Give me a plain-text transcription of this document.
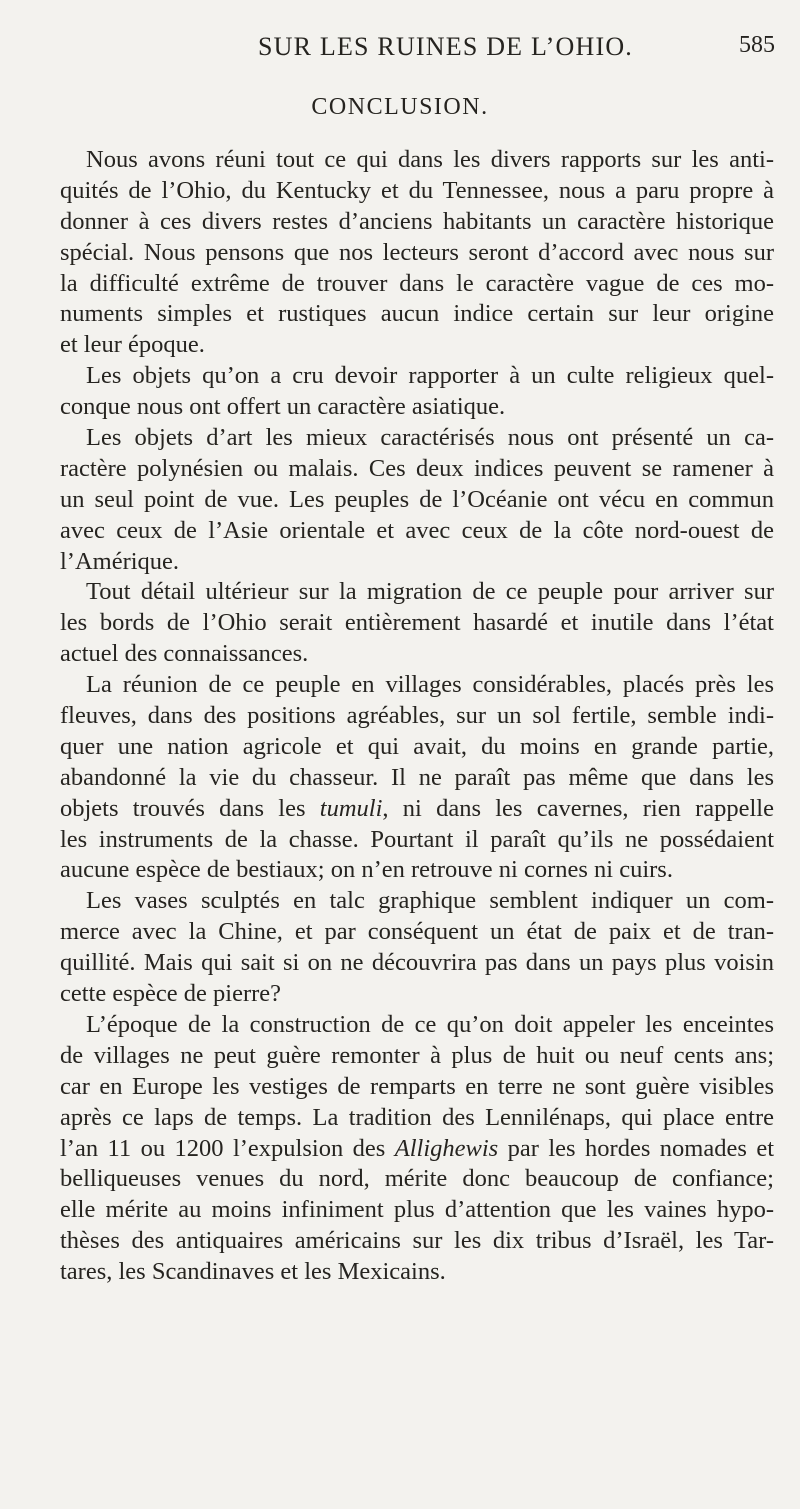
SUR LES RUINES DE L’OHIO.	585
CONCLUSION.
Nous avons réuni tout ce qui dans les divers rapports sur les anti-
quités de l’Ohio, du Kentucky et du Tennessee, nous a paru propre à
donner à ces divers restes d’anciens habitants un caractère historique
spécial. Nous pensons que nos lecteurs seront d’accord avec nous sur
la difficulté extrême de trouver dans le caractère vague de ces mo-
numents simples et rustiques aucun indice certain sur leur origine
et leur époque.
Les objets qu’on a cru devoir rapporter à un culte religieux quel-
conque nous ont offert un caractère asiatique.
Les objets d’art les mieux caractérisés nous ont présenté un ca-
ractère polynésien ou malais. Ces deux indices peuvent se ramener à
un seul point de vue. Les peuples de l’Océanie ont vécu en commun
avec ceux de l’Asie orientale et avec ceux de la côte nord-ouest de
l’Amérique.
Tout détail ultérieur sur la migration de ce peuple pour arriver sur
les bords de l’Ohio serait entièrement hasardé et inutile dans l’état
actuel des connaissances.
La réunion de ce peuple en villages considérables, placés près les
fleuves, dans des positions agréables, sur un sol fertile, semble indi-
quer une nation agricole et qui avait, du moins en grande partie,
abandonné la vie du chasseur. Il ne paraît pas même que dans les
objets trouvés dans les tumuli, ni dans les cavernes, rien rappelle
les instruments de la chasse. Pourtant il paraît qu’ils ne possédaient
aucune espèce de bestiaux; on n’en retrouve ni cornes ni cuirs.
Les vases sculptés en talc graphique semblent indiquer un com-
merce avec la Chine, et par conséquent un état de paix et de tran-
quillité. Mais qui sait si on ne découvrira pas dans un pays plus voisin
cette espèce de pierre?
L’époque de la construction de ce qu’on doit appeler les enceintes
de villages ne peut guère remonter à plus de huit ou neuf cents ans;
car en Europe les vestiges de remparts en terre ne sont guère visibles
après ce laps de temps. La tradition des Lennilénaps, qui place entre
l’an 11 ou 1200 l’expulsion des Allighewis par les hordes nomades et
belliqueuses venues du nord, mérite donc beaucoup de confiance;
elle mérite au moins infiniment plus d’attention que les vaines hypo-
thèses des antiquaires américains sur les dix tribus d’Israël, les Tar-
tares, les Scandinaves et les Mexicains.
